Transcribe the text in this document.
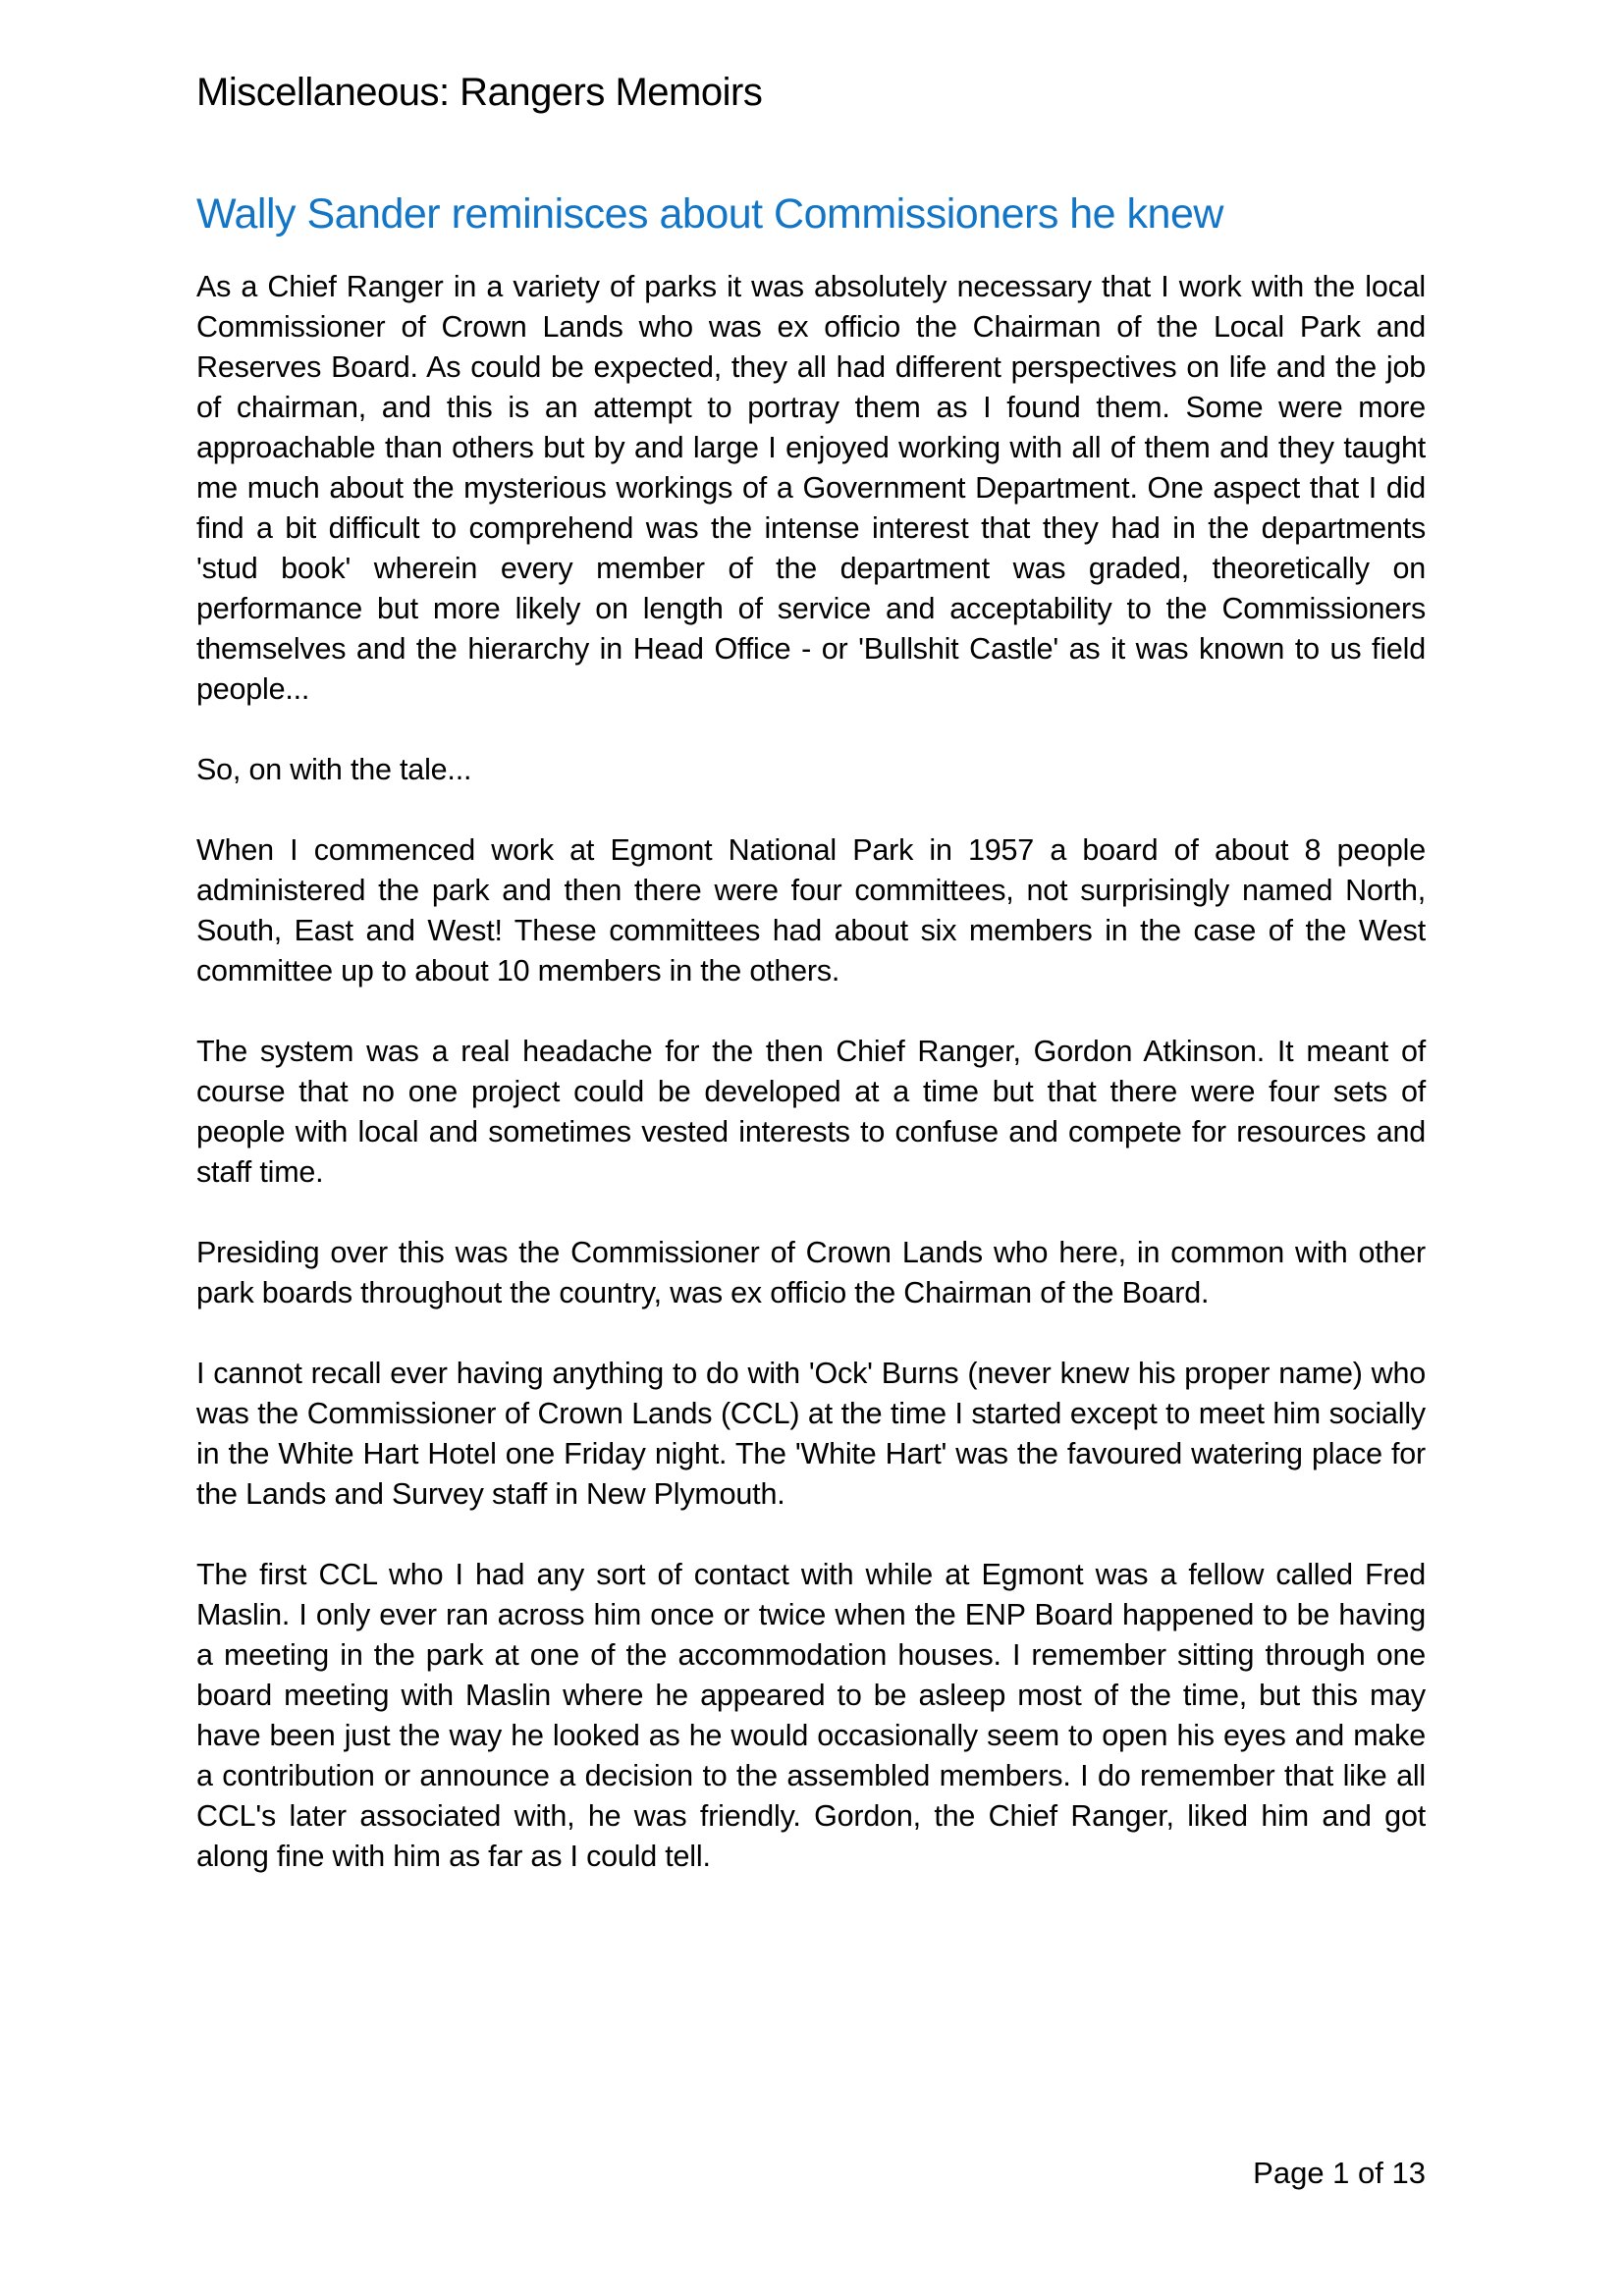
Miscellaneous: Rangers Memoirs
Wally Sander reminisces about Commissioners he knew

As a Chief Ranger in a variety of parks it was absolutely necessary that I work with the local Commissioner of Crown Lands who was ex officio the Chairman of the Local Park and Reserves Board. As could be expected, they all had different perspectives on life and the job of chairman, and this is an attempt to portray them as I found them. Some were more approachable than others but by and large I enjoyed working with all of them and they taught me much about the mysterious workings of a Government Department. One aspect that I did find a bit difficult to comprehend was the intense interest that they had in the departments 'stud book' wherein every member of the department was graded, theoretically on performance but more likely on length of service and acceptability to the Commissioners themselves and the hierarchy in Head Office - or 'Bullshit Castle' as it was known to us field people...

So, on with the tale...

When I commenced work at Egmont National Park in 1957 a board of about 8 people administered the park and then there were four committees, not surprisingly named North, South, East and West! These committees had about six members in the case of the West committee up to about 10 members in the others.

The system was a real headache for the then Chief Ranger, Gordon Atkinson. It meant of course that no one project could be developed at a time but that there were four sets of people with local and sometimes vested interests to confuse and compete for resources and staff time.

Presiding over this was the Commissioner of Crown Lands who here, in common with other park boards throughout the country, was ex officio the Chairman of the Board.

I cannot recall ever having anything to do with 'Ock' Burns (never knew his proper name) who was the Commissioner of Crown Lands (CCL) at the time I started except to meet him socially in the White Hart Hotel one Friday night. The 'White Hart' was the favoured watering place for the Lands and Survey staff in New Plymouth.

The first CCL who I had any sort of contact with while at Egmont was a fellow called Fred Maslin. I only ever ran across him once or twice when the ENP Board happened to be having a meeting in the park at one of the accommodation houses. I remember sitting through one board meeting with Maslin where he appeared to be asleep most of the time, but this may have been just the way he looked as he would occasionally seem to open his eyes and make a contribution or announce a decision to the assembled members. I do remember that like all CCL's later associated with, he was friendly. Gordon, the Chief Ranger, liked him and got along fine with him as far as I could tell.

Page 1 of 13
